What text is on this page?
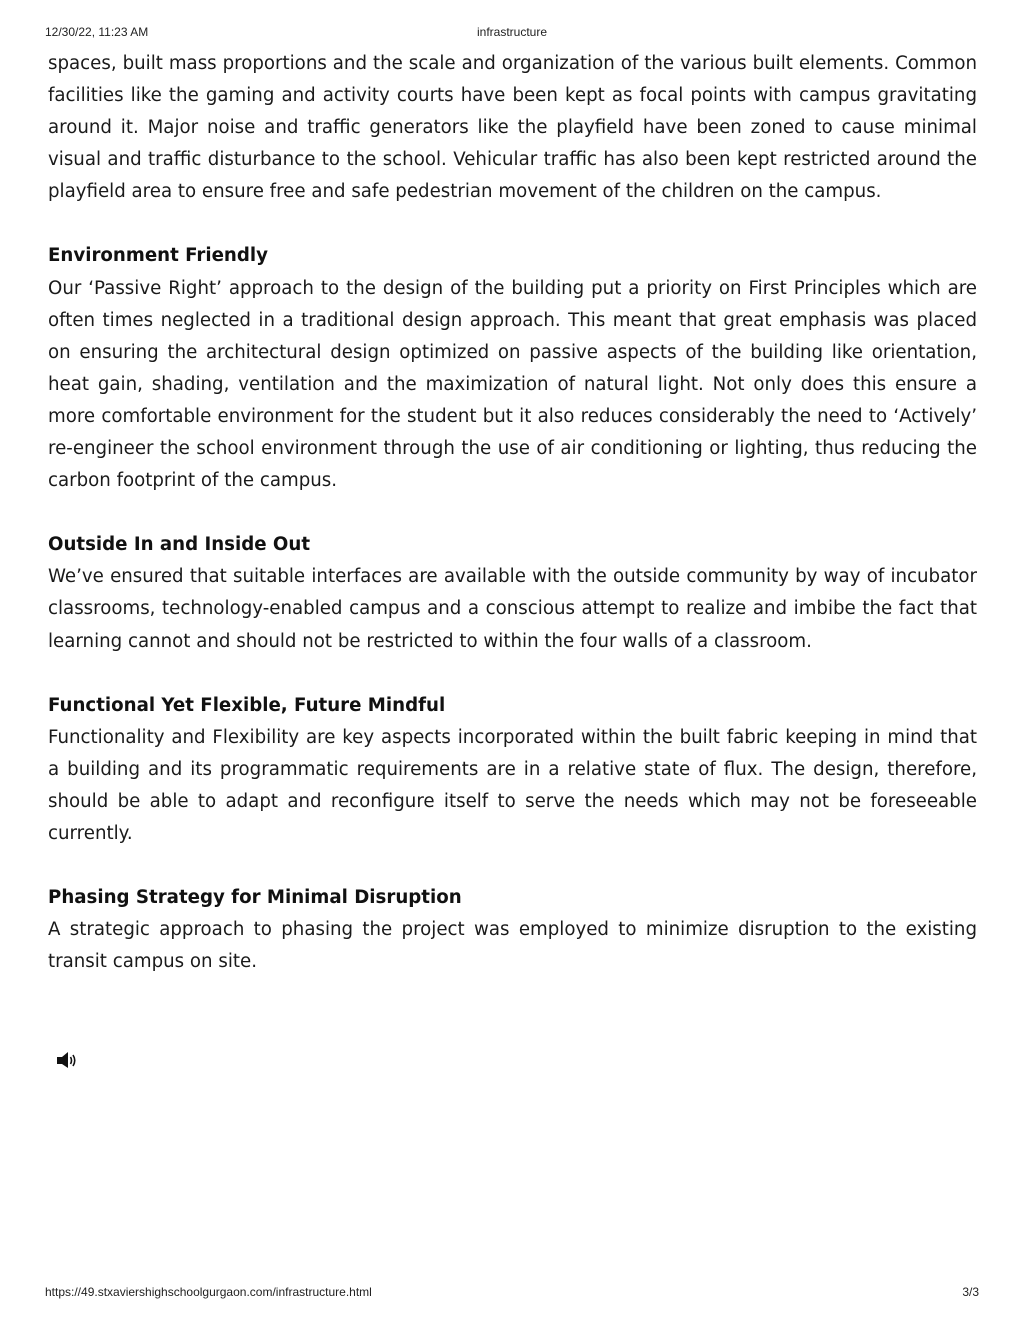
12/30/22, 11:23 AM	infrastructure

spaces, built mass proportions and the scale and organization of the various built elements. Common facilities like the gaming and activity courts have been kept as focal points with campus gravitating around it. Major noise and traffic generators like the playfield have been zoned to cause minimal visual and traffic disturbance to the school. Vehicular traffic has also been kept restricted around the playfield area to ensure free and safe pedestrian movement of the children on the campus.

Environment Friendly

Our ‘Passive Right’ approach to the design of the building put a priority on First Principles which are often times neglected in a traditional design approach. This meant that great emphasis was placed on ensuring the architectural design optimized on passive aspects of the building like orientation, heat gain, shading, ventilation and the maximization of natural light. Not only does this ensure a more comfortable environment for the student but it also reduces considerably the need to ‘Actively’ re-engineer the school environment through the use of air conditioning or lighting, thus reducing the carbon footprint of the campus.

Outside In and Inside Out

We’ve ensured that suitable interfaces are available with the outside community by way of incubator classrooms, technology-enabled campus and a conscious attempt to realize and imbibe the fact that learning cannot and should not be restricted to within the four walls of a classroom.

Functional Yet Flexible, Future Mindful

Functionality and Flexibility are key aspects incorporated within the built fabric keeping in mind that a building and its programmatic requirements are in a relative state of flux. The design, therefore, should be able to adapt and reconfigure itself to serve the needs which may not be foreseeable currently.

Phasing Strategy for Minimal Disruption

A strategic approach to phasing the project was employed to minimize disruption to the existing transit campus on site.

https://49.stxaviershighschoolgurgaon.com/infrastructure.html	3/3
